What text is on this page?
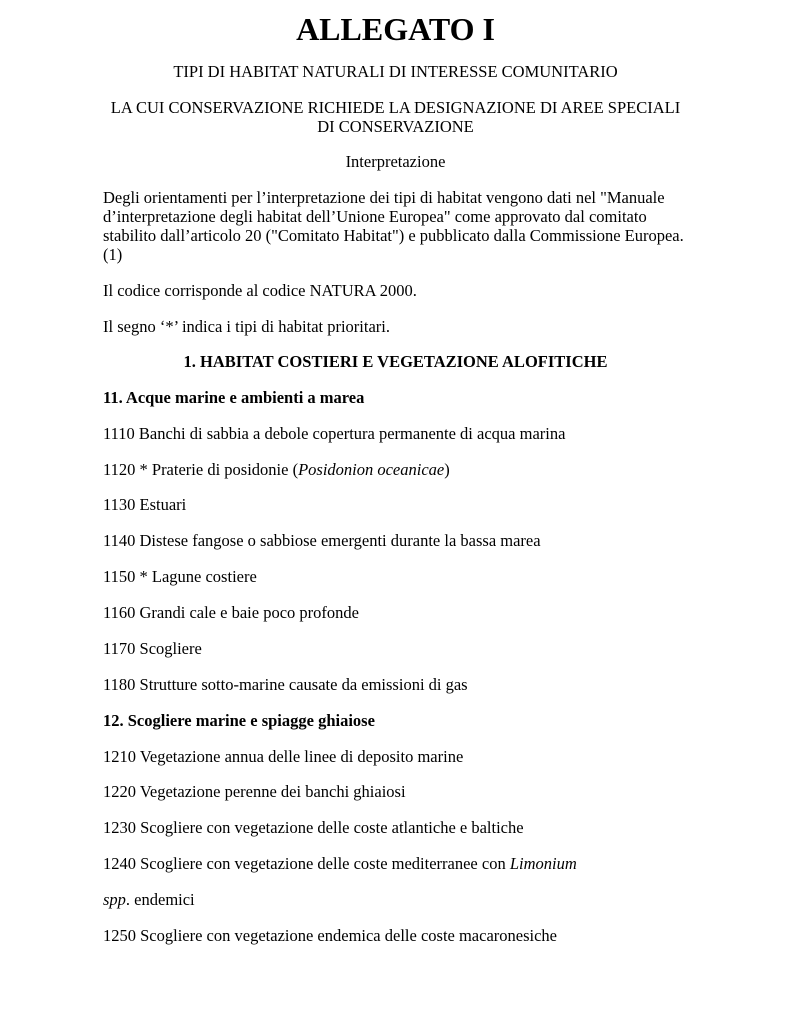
ALLEGATO I

TIPI DI HABITAT NATURALI DI INTERESSE COMUNITARIO

LA CUI CONSERVAZIONE RICHIEDE LA DESIGNAZIONE DI AREE SPECIALI

DI CONSERVAZIONE

Interpretazione

Degli orientamenti per l’interpretazione dei tipi di habitat vengono dati nel "Manuale

d’interpretazione degli habitat dell’Unione Europea" come approvato dal comitato

stabilito dall’articolo 20 ("Comitato Habitat") e pubblicato dalla Commissione Europea.

(1)

Il codice corrisponde al codice NATURA 2000.

Il segno ‘*’ indica i tipi di habitat prioritari.

1. HABITAT COSTIERI E VEGETAZIONE ALOFITICHE

11. Acque marine e ambienti a marea

1110 Banchi di sabbia a debole copertura permanente di acqua marina

1120 * Praterie di posidonie (Posidonion oceanicae)

1130 Estuari

1140 Distese fangose o sabbiose emergenti durante la bassa marea

1150 * Lagune costiere

1160 Grandi cale e baie poco profonde

1170 Scogliere

1180 Strutture sotto-marine causate da emissioni di gas

12. Scogliere marine e spiagge ghiaiose

1210 Vegetazione annua delle linee di deposito marine

1220 Vegetazione perenne dei banchi ghiaiosi

1230 Scogliere con vegetazione delle coste atlantiche e baltiche

1240 Scogliere con vegetazione delle coste mediterranee con Limonium

spp. endemici

1250 Scogliere con vegetazione endemica delle coste macaronesiche
